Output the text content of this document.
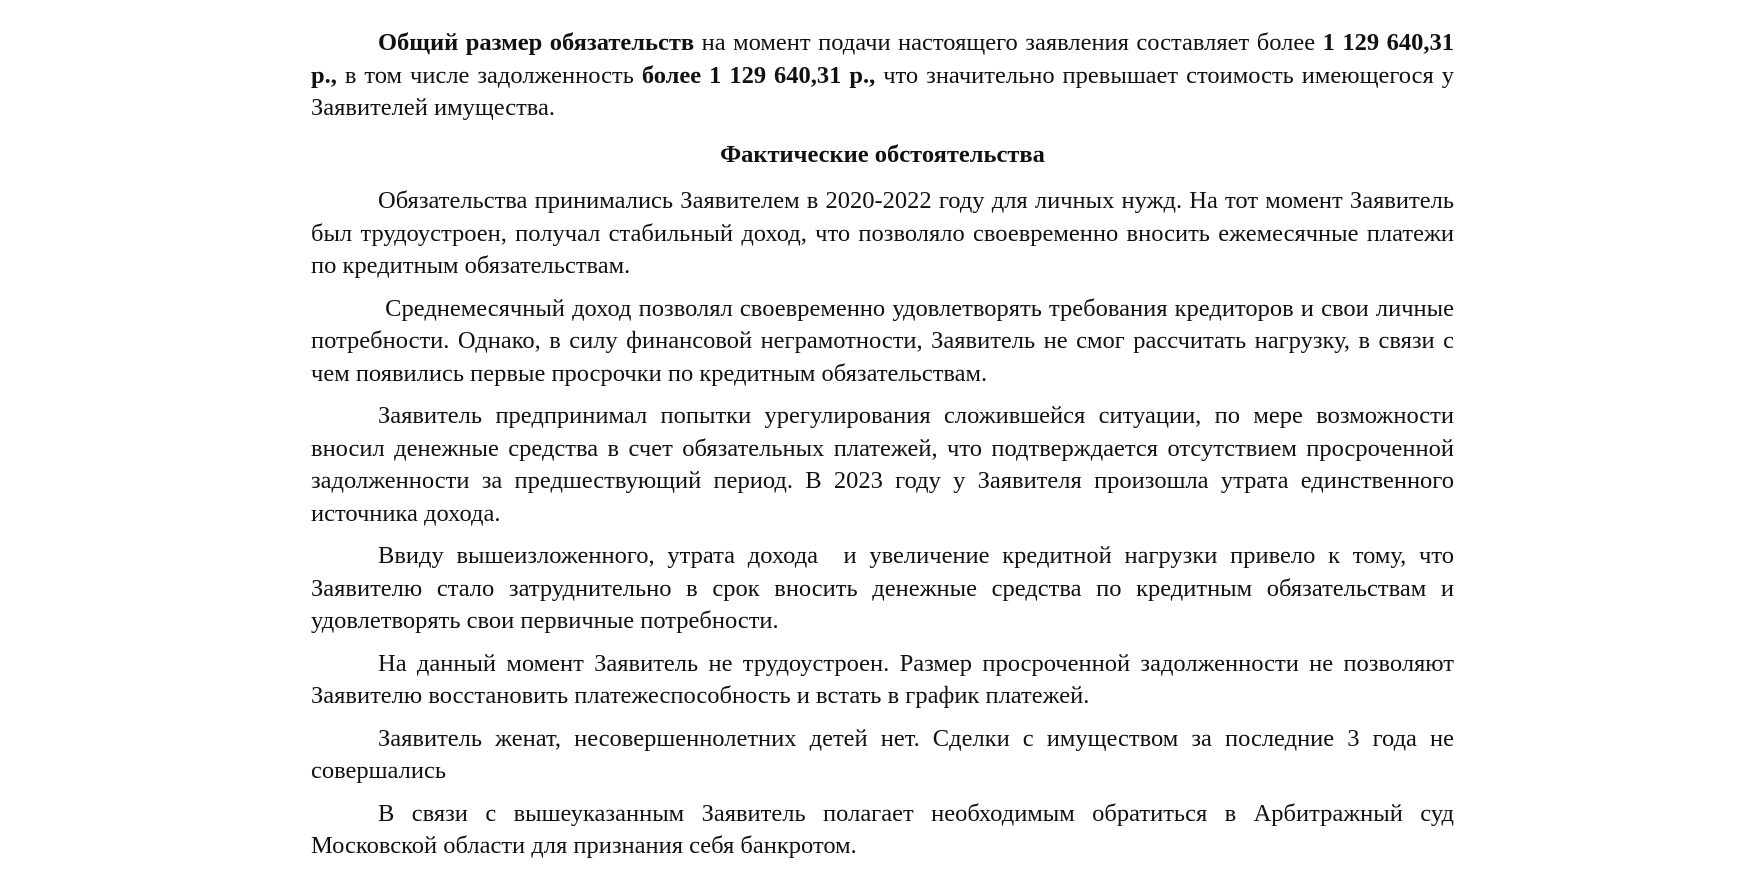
Общий размер обязательств на момент подачи настоящего заявления составляет более 1 129 640,31 р., в том числе задолженность более 1 129 640,31 р., что значительно превышает стоимость имеющегося у Заявителей имущества.

Фактические обстоятельства

Обязательства принимались Заявителем в 2020-2022 году для личных нужд. На тот момент Заявитель был трудоустроен, получал стабильный доход, что позволяло своевременно вносить ежемесячные платежи по кредитным обязательствам.

Среднемесячный доход позволял своевременно удовлетворять требования кредиторов и свои личные потребности. Однако, в силу финансовой неграмотности, Заявитель не смог рассчитать нагрузку, в связи с чем появились первые просрочки по кредитным обязательствам.

Заявитель предпринимал попытки урегулирования сложившейся ситуации, по мере возможности вносил денежные средства в счет обязательных платежей, что подтверждается отсутствием просроченной задолженности за предшествующий период. В 2023 году у Заявителя произошла утрата единственного источника дохода.

Ввиду вышеизложенного, утрата дохода  и увеличение кредитной нагрузки привело к тому, что Заявителю стало затруднительно в срок вносить денежные средства по кредитным обязательствам и удовлетворять свои первичные потребности.

На данный момент Заявитель не трудоустроен. Размер просроченной задолженности не позволяют Заявителю восстановить платежеспособность и встать в график платежей.

Заявитель женат, несовершеннолетних детей нет. Сделки с имуществом за последние 3 года не совершались

В связи с вышеуказанным Заявитель полагает необходимым обратиться в Арбитражный суд Московской области для признания себя банкротом.
